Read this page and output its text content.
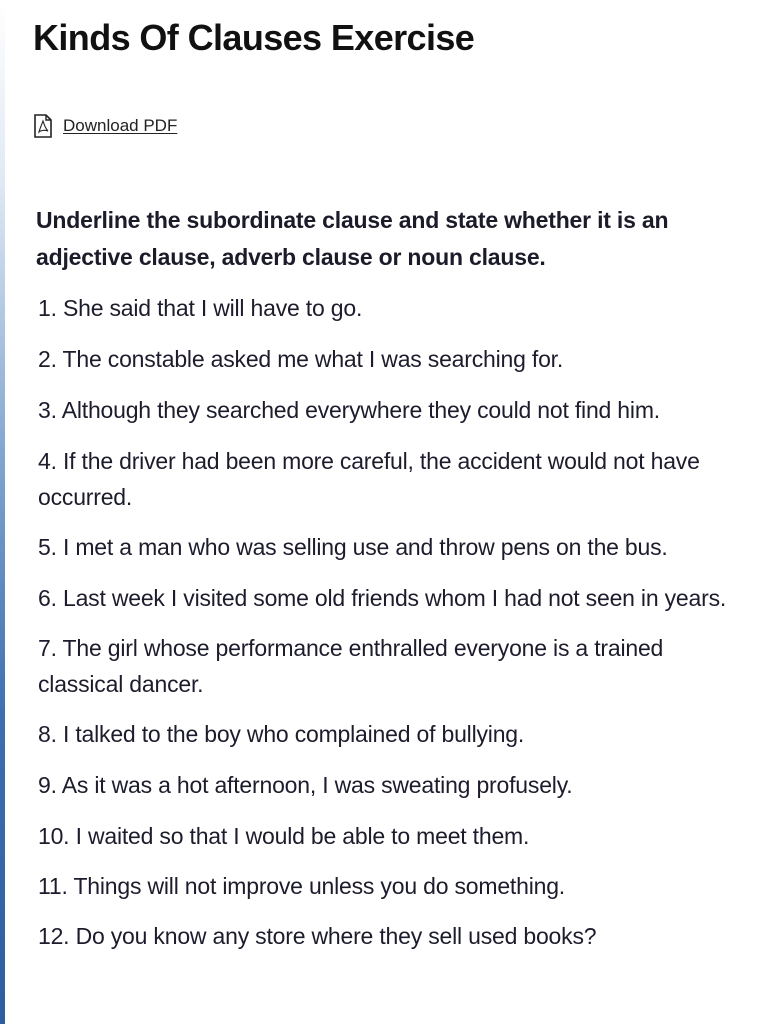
Kinds Of Clauses Exercise
Download PDF

Underline the subordinate clause and state whether it is an adjective clause, adverb clause or noun clause.

1. She said that I will have to go.
2. The constable asked me what I was searching for.
3. Although they searched everywhere they could not find him.
4. If the driver had been more careful, the accident would not have occurred.
5. I met a man who was selling use and throw pens on the bus.
6. Last week I visited some old friends whom I had not seen in years.
7. The girl whose performance enthralled everyone is a trained classical dancer.
8. I talked to the boy who complained of bullying.
9. As it was a hot afternoon, I was sweating profusely.
10. I waited so that I would be able to meet them.
11. Things will not improve unless you do something.
12. Do you know any store where they sell used books?
